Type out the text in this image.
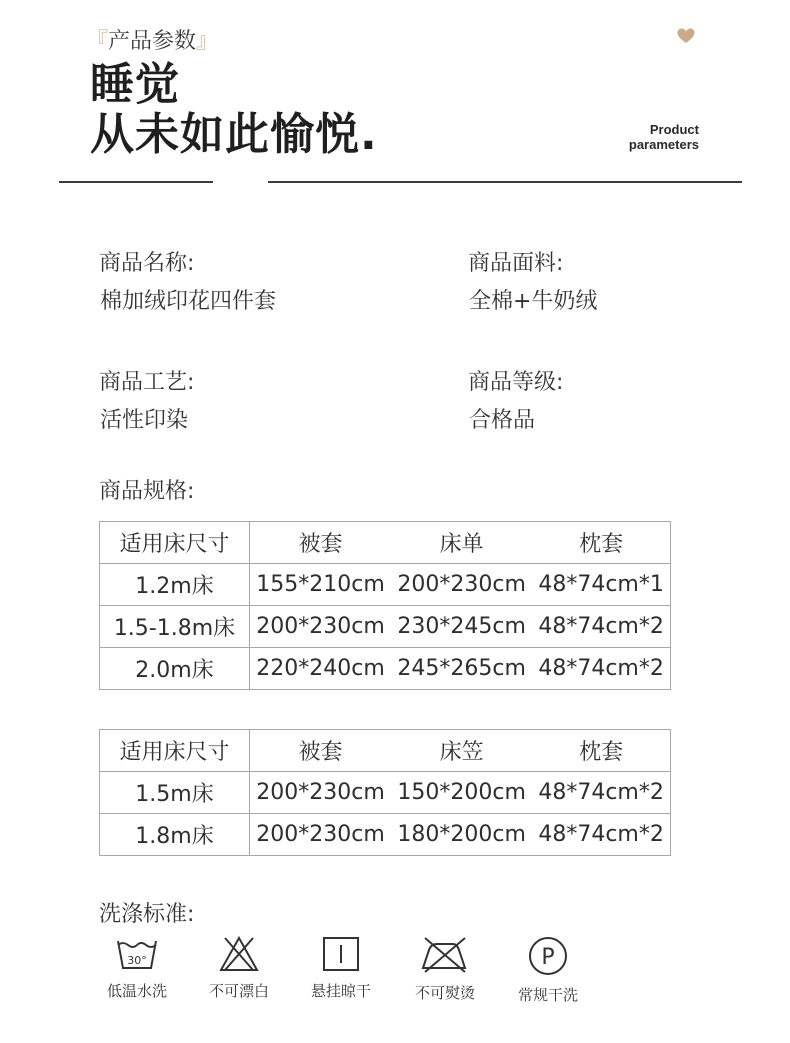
『 产品参数 』
睡觉
从未如此愉悦.	Product
parameters
商品名称:
棉加绒印花四件套
商品面料:
全棉+牛奶绒
商品工艺:
活性印染
商品等级:
合格品
商品规格:
适用床尺寸	被套	床单	枕套
1.2m床	155*210cm	200*230cm	48*74cm*1
1.5-1.8m床	200*230cm	230*245cm	48*74cm*2
2.0m床	220*240cm	245*265cm	48*74cm*2
适用床尺寸	被套	床笠	枕套
1.5m床	200*230cm	150*200cm	48*74cm*2
1.8m床	200*230cm	180*200cm	48*74cm*2
洗涤标准:
30°
低温水洗	不可漂白	悬挂晾干	不可熨烫
P
常规干洗
